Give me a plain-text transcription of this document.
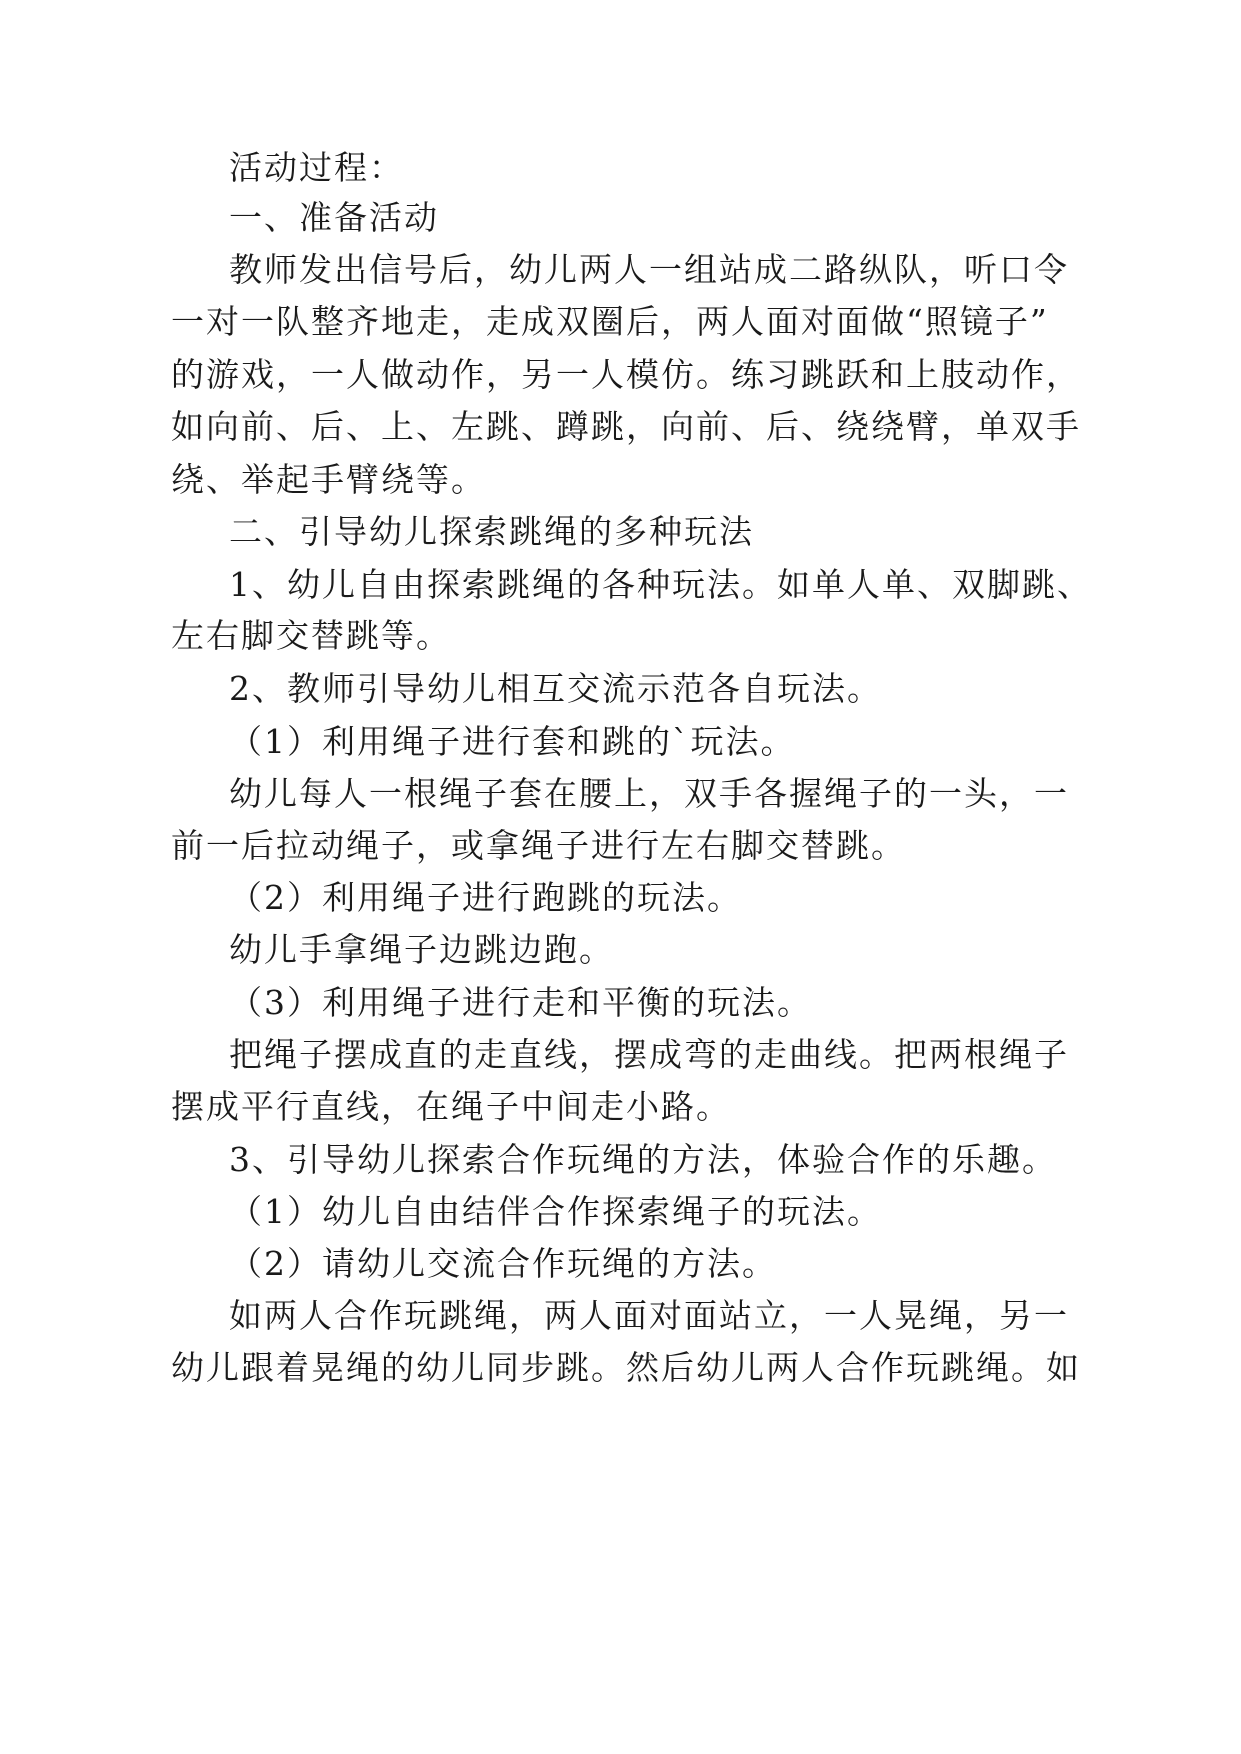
活动过程：
一、准备活动
教师发出信号后，幼儿两人一组站成二路纵队，听口令
一对一队整齐地走，走成双圈后，两人面对面做“照镜子”
的游戏，一人做动作，另一人模仿。练习跳跃和上肢动作，
如向前、后、上、左跳、蹲跳，向前、后、绕绕臂，单双手
绕、举起手臂绕等。
二、引导幼儿探索跳绳的多种玩法
1、幼儿自由探索跳绳的各种玩法。如单人单、双脚跳、
左右脚交替跳等。
2、教师引导幼儿相互交流示范各自玩法。
（1）利用绳子进行套和跳的`玩法。
幼儿每人一根绳子套在腰上，双手各握绳子的一头，一
前一后拉动绳子，或拿绳子进行左右脚交替跳。
（2）利用绳子进行跑跳的玩法。
幼儿手拿绳子边跳边跑。
（3）利用绳子进行走和平衡的玩法。
把绳子摆成直的走直线，摆成弯的走曲线。把两根绳子
摆成平行直线，在绳子中间走小路。
3、引导幼儿探索合作玩绳的方法，体验合作的乐趣。
（1）幼儿自由结伴合作探索绳子的玩法。
（2）请幼儿交流合作玩绳的方法。
如两人合作玩跳绳，两人面对面站立，一人晃绳，另一
幼儿跟着晃绳的幼儿同步跳。然后幼儿两人合作玩跳绳。如
